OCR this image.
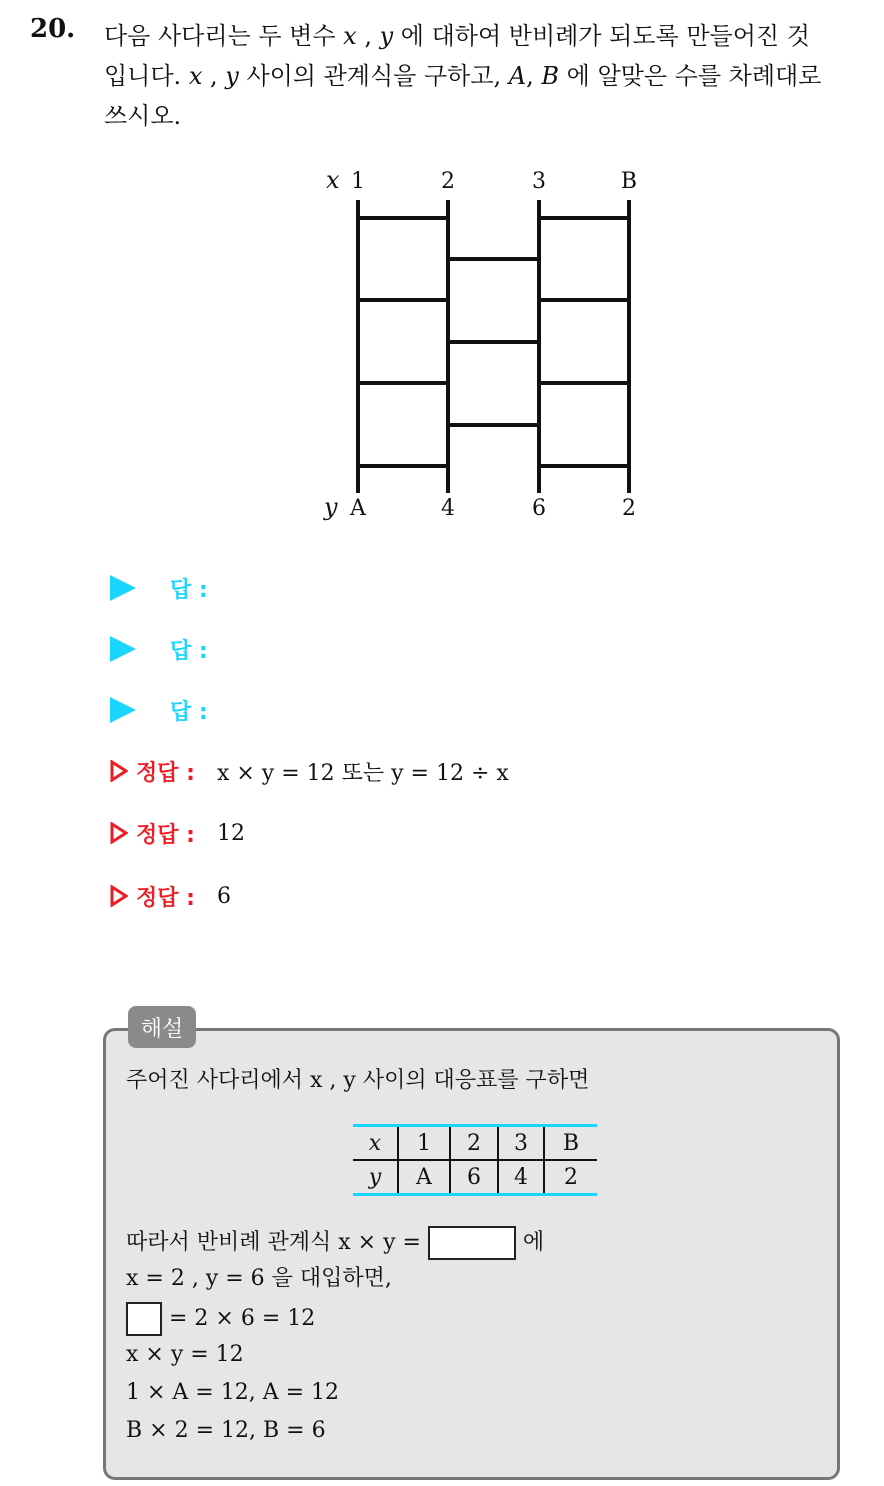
20. 다음 사다리는 두 변수 x , y 에 대하여 반비례가 되도록 만들어진 것
입니다. x , y 사이의 관계식을 구하고, A, B 에 알맞은 수를 차례대로
쓰시오.
x 1	2	3	B
y A	4	6	2
답 :
답 :
답 :
정답 : x × y = 12 또는 y = 12 ÷ x
정답 : 12
정답 : 6
해설
주어진 사다리에서 x , y 사이의 대응표를 구하면
x	1	2	3	B
y	A	6	4	2
따라서 반비례 관계식 x × y =	에
x = 2 , y = 6 을 대입하면,
= 2 × 6 = 12
x × y = 12
1 × A = 12, A = 12
B × 2 = 12, B = 6
